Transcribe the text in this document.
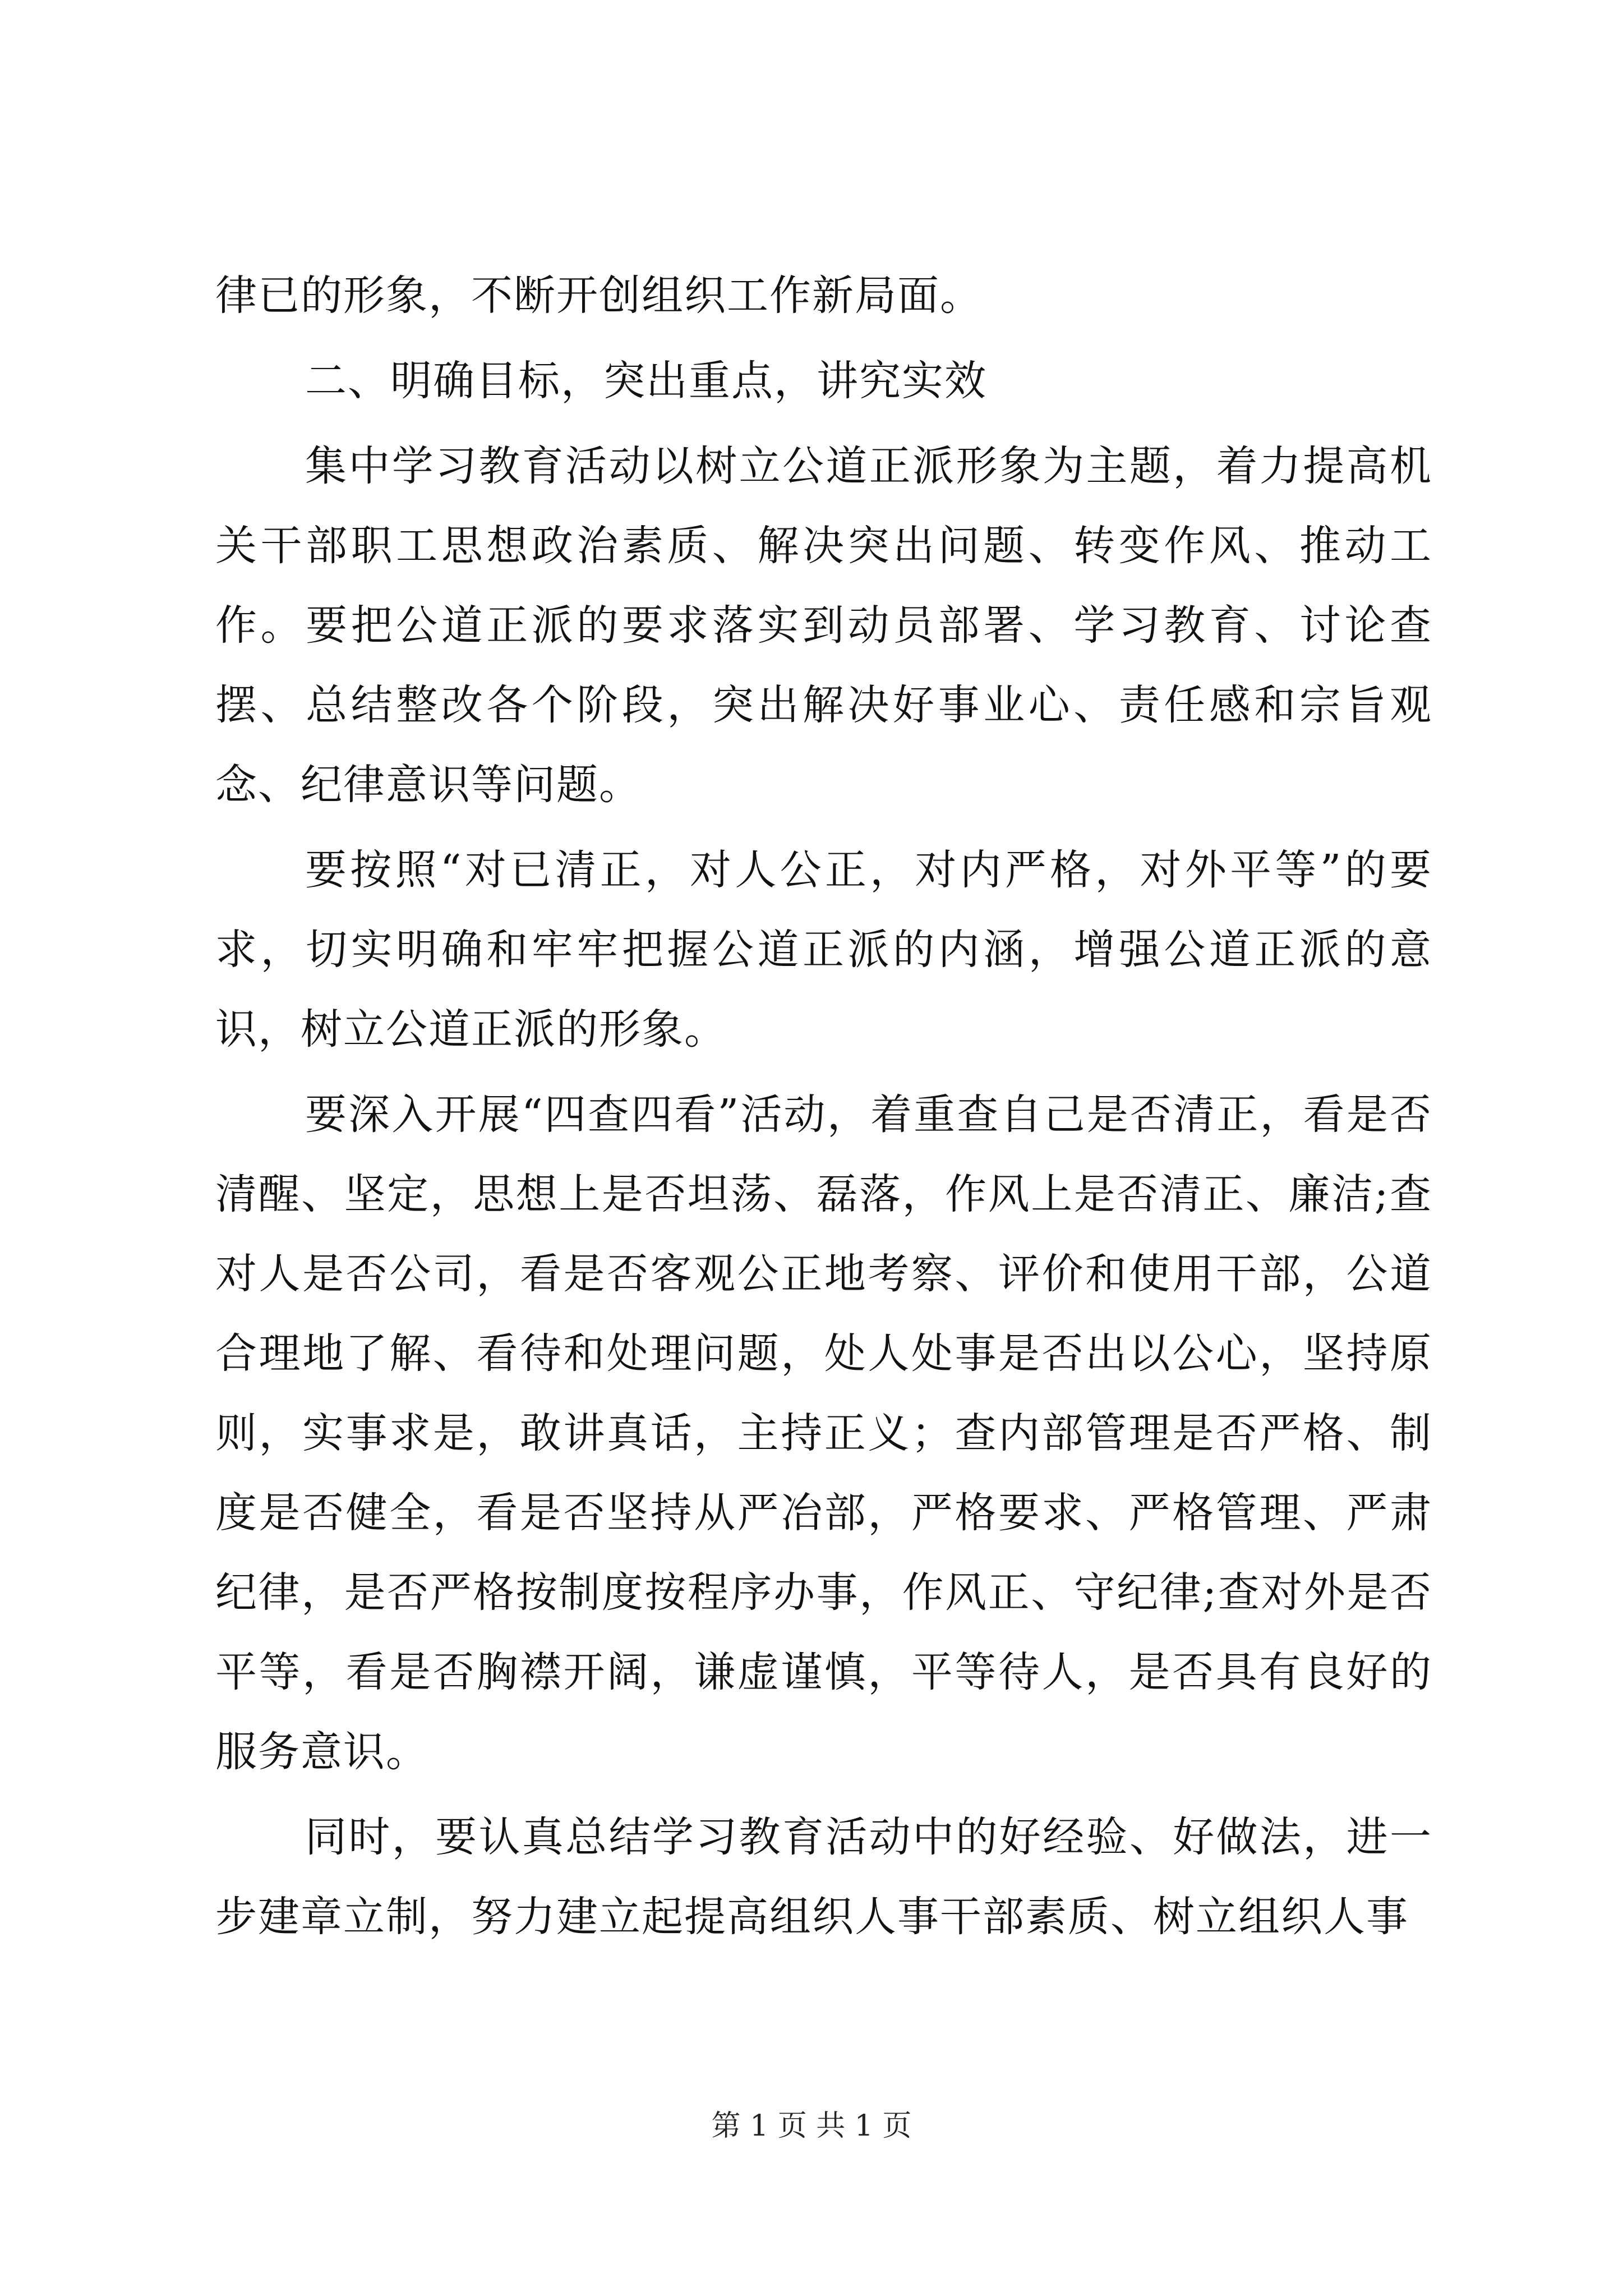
律已的形象，不断开创组织工作新局面。

二、明确目标，突出重点，讲究实效

集中学习教育活动以树立公道正派形象为主题，着力提高机关干部职工思想政治素质、解决突出问题、转变作风、推动工作。要把公道正派的要求落实到动员部署、学习教育、讨论查摆、总结整改各个阶段，突出解决好事业心、责任感和宗旨观念、纪律意识等问题。

要按照“对已清正，对人公正，对内严格，对外平等”的要求，切实明确和牢牢把握公道正派的内涵，增强公道正派的意识，树立公道正派的形象。

要深入开展“四查四看”活动，着重查自己是否清正，看是否清醒、坚定，思想上是否坦荡、磊落，作风上是否清正、廉洁;查对人是否公司，看是否客观公正地考察、评价和使用干部，公道合理地了解、看待和处理问题，处人处事是否出以公心，坚持原则，实事求是，敢讲真话，主持正义；查内部管理是否严格、制度是否健全，看是否坚持从严冶部，严格要求、严格管理、严肃纪律，是否严格按制度按程序办事，作风正、守纪律;查对外是否平等，看是否胸襟开阔，谦虚谨慎，平等待人，是否具有良好的服务意识。

同时，要认真总结学习教育活动中的好经验、好做法，进一步建章立制，努力建立起提高组织人事干部素质、树立组织人事

第 1 页 共 1 页
